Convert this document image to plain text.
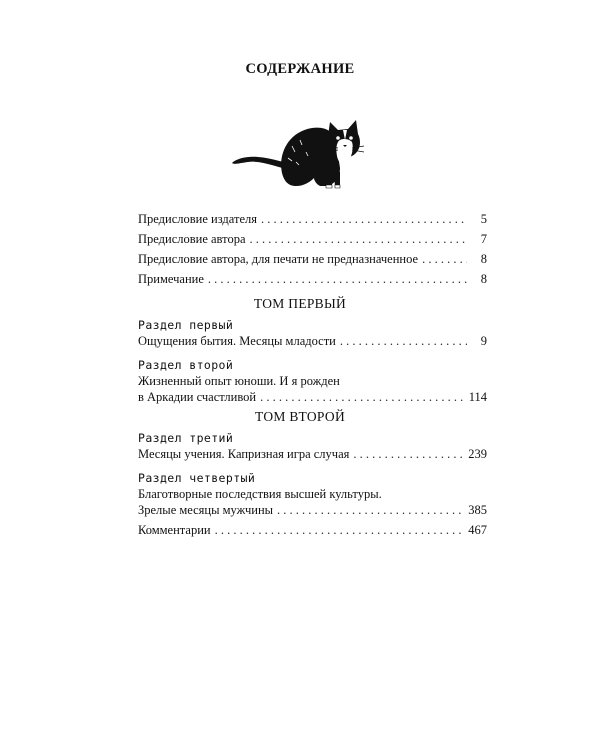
СОДЕРЖАНИЕ
Предисловие издателя . . .	5
Предисловие автора . . .	7
Предисловие автора, для печати не предназначенное . . .	8
Примечание . . .	8
ТОМ ПЕРВЫЙ
Раздел первый
Ощущения бытия. Месяцы младости . . .	9
Раздел второй
Жизненный опыт юноши. И я рожден
в Аркадии счастливой . . .	114
ТОМ ВТОРОЙ
Раздел третий
Месяцы учения. Капризная игра случая . . .	239
Раздел четвертый
Благотворные последствия высшей культуры.
Зрелые месяцы мужчины . . .	385
Комментарии . . .	467
